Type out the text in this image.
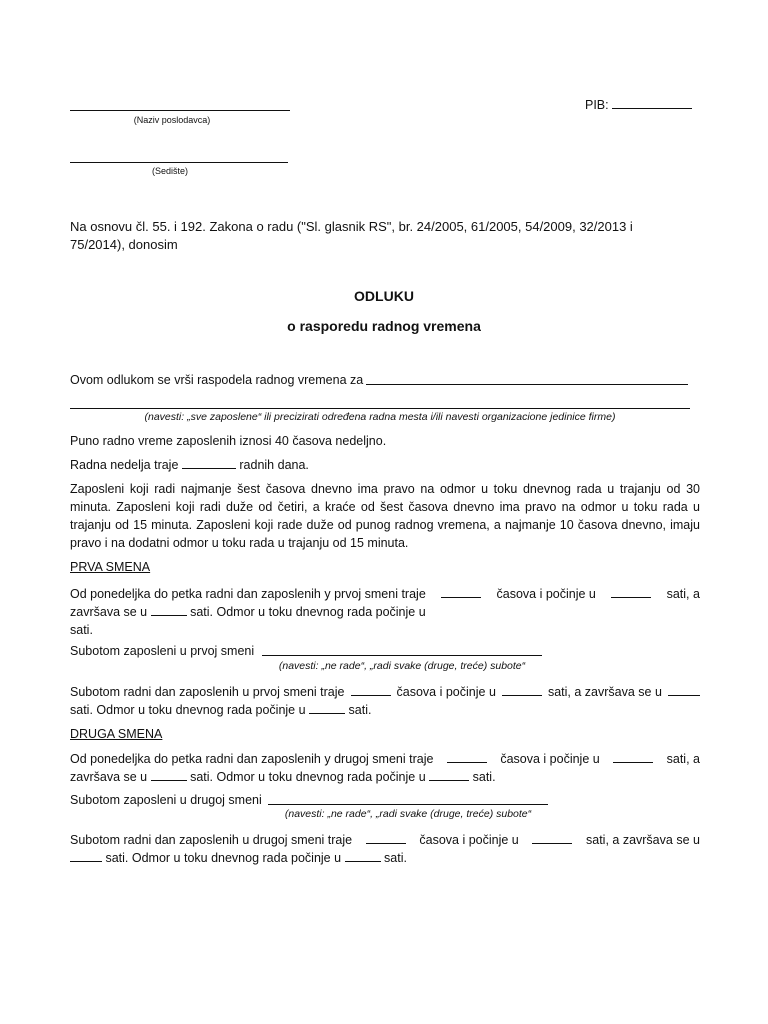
(Naziv poslodavca)
(Sedište)
PIB:
Na osnovu čl. 55. i 192. Zakona o radu ("Sl. glasnik RS", br. 24/2005, 61/2005, 54/2009, 32/2013 i 75/2014), donosim
ODLUKU
o rasporedu radnog vremena
Ovom odlukom se vrši raspodela radnog vremena za
(navesti: „sve zaposlene“ ili precizirati određena radna mesta i/ili navesti organizacione jedinice firme)
Puno radno vreme zaposlenih iznosi 40 časova nedeljno.
Radna nedelja traje	radnih dana.
Zaposleni koji radi najmanje šest časova dnevno ima pravo na odmor u toku dnevnog rada u trajanju od 30 minuta. Zaposleni koji radi duže od četiri, a kraće od šest časova dnevno ima pravo na odmor u toku rada u trajanju od 15 minuta. Zaposleni koji rade duže od punog radnog vremena, a najmanje 10 časova dnevno, imaju pravo i na dodatni odmor u toku rada u trajanju od 15 minuta.
PRVA SMENA
Od ponedeljka do petka radni dan zaposlenih y prvoj smeni traje	časova i počinje u	sati, a
završava se u	sati. Odmor u toku dnevnog rada počinje u
sati.
Subotom zaposleni u prvoj smeni
(navesti: „ne rade“, „radi svake (druge, treće) subote“
Subotom radni dan zaposlenih u prvoj smeni traje	časova i počinje u	sati, a završava se u
sati. Odmor u toku dnevnog rada počinje u	sati.
DRUGA SMENA
Od ponedeljka do petka radni dan zaposlenih y drugoj smeni traje	časova i počinje u	sati, a
završava se u	sati. Odmor u toku dnevnog rada počinje u	sati.
Subotom zaposleni u drugoj smeni
(navesti: „ne rade“, „radi svake (druge, treće) subote“
Subotom radni dan zaposlenih u drugoj smeni traje	časova i počinje u	sati, a završava se u
sati. Odmor u toku dnevnog rada počinje u	sati.
